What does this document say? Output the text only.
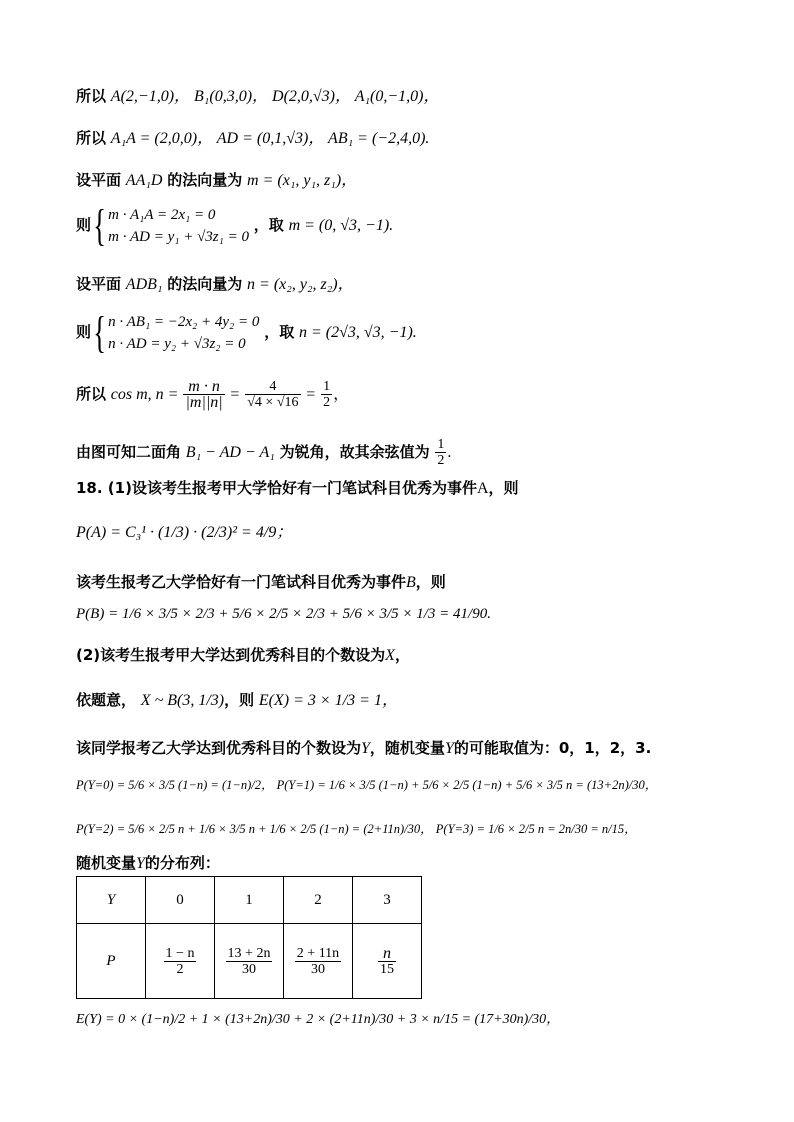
所以 A(2,−1,0)， B₁(0,3,0)， D(2,0,√3)， A₁(0,−1,0)，
所以 A₁A = (2,0,0)， AD = (0,1,√3)， AB₁ = (−2,4,0).
设平面 AA₁D 的法向量为 m = (x₁, y₁, z₁)，
则{ m · A₁A = 2x₁ = 0
m · AD = y₁ + √3z₁ = 0
，取 m = (0, √3, −1).
设平面 ADB₁ 的法向量为 n = (x₂, y₂, z₂)，
则{ n · AB₁ = −2x₂ + 4y₂ = 0
n · AD = y₂ + √3z₂ = 0
，取 n = (2√3, √3, −1).
所以 cos m, $n = \frac{m \cdot n}{|m||n|} = \frac{4}{√4 \times √16} = \frac{1}{2}$ ，
由图可知二面角 B₁ − AD − A₁ 为锐角，故其余弦值为 $\frac{1}{2}$ .
18. (1)设该考生报考甲大学恰好有一门笔试科目优秀为事件A，则
P(A) = C₃¹ · (1/3) · (2/3)² = 4/9；
该考生报考乙大学恰好有一门笔试科目优秀为事件B，则
P(B) = 1/6 × 3/5 × 2/3 + 5/6 × 2/5 × 2/3 + 5/6 × 3/5 × 1/3 = 41/90.
(2)该考生报考甲大学达到优秀科目的个数设为X，
依题意， X ~ B(3, 1/3)，则 E(X) = 3 × 1/3 = 1，
该同学报考乙大学达到优秀科目的个数设为Y，随机变量Y的可能取值为：0，1，2，3.
P(Y=0) = 5/6 × 3/5 (1−n) = (1−n)/2， P(Y=1) = 1/6 × 3/5 (1−n) + 5/6 × 2/5 (1−n) + 5/6 × 3/5 n = (13+2n)/30，
P(Y=2) = 5/6 × 2/5 n + 1/6 × 3/5 n + 1/6 × 2/5 (1−n) = (2+11n)/30， P(Y=3) = 1/6 × 2/5 n = 2n/30 = n/15，
随机变量Y的分布列：
Y	0	1	2	3
P	$\frac{1 - n}{2}$	$\frac{13 + 2n}{30}$	$\frac{2 + 11n}{30}$	$\frac{n}{15}$
E(Y) = 0 × (1−n)/2 + 1 × (13+2n)/30 + 2 × (2+11n)/30 + 3 × n/15 = (17+30n)/30，
